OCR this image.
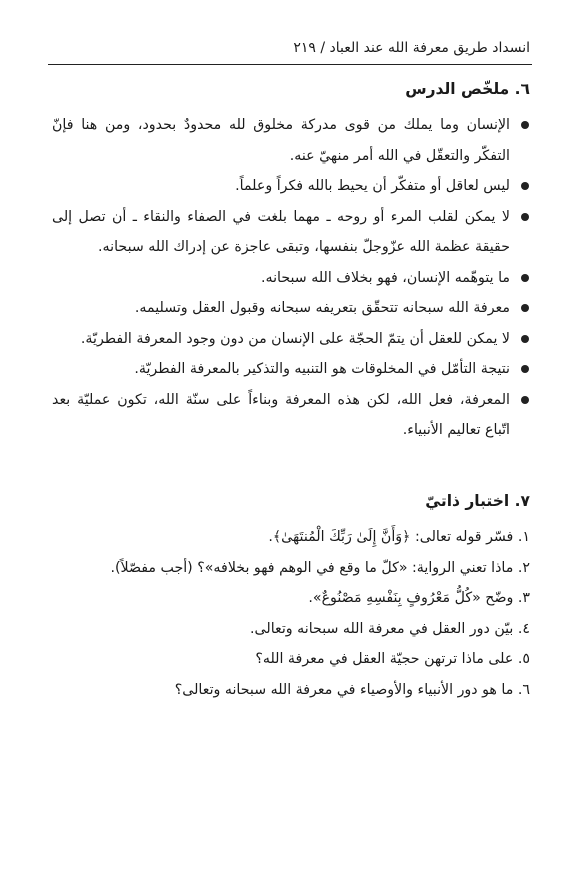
انسداد طريق معرفة الله عند العباد / ٢١٩
٦. ملخّص الدرس
الإنسان وما يملك من قوى مدركة مخلوق لله محدودٌ بحدود، ومن هنا فإنّ التفكّر والتعقّل في الله أمر منهيّ عنه.
ليس لعاقل أو متفكّر أن يحيط بالله فكراً وعلماً.
لا يمكن لقلب المرء أو روحه ـ مهما بلغت في الصفاء والنقاء ـ أن تصل إلى حقيقة عظمة الله عزّوجلّ بنفسها، وتبقى عاجزة عن إدراك الله سبحانه.
ما يتوهّمه الإنسان، فهو بخلاف الله سبحانه.
معرفة الله سبحانه تتحقّق بتعريفه سبحانه وقبول العقل وتسليمه.
لا يمكن للعقل أن يتمّ الحجّة على الإنسان من دون وجود المعرفة الفطريّة.
نتيجة التأمّل في المخلوقات هو التنبيه والتذكير بالمعرفة الفطريّة.
المعرفة، فعل الله، لكن هذه المعرفة وبناءاً على سنّة الله، تكون عمليّة بعد اتّباع تعاليم الأنبياء.
٧. اختبار ذاتيّ
١. فسّر قوله تعالى: ﴿وَأَنَّ إِلَىٰ رَبِّكَ الْمُنتَهَىٰ﴾.
٢. ماذا تعني الرواية: «كلّ ما وقع في الوهم فهو بخلافه»؟ (أجب مفصّلاً).
٣. وضّح «كُلُّ مَعْرُوفٍ بِنَفْسِهِ مَصْنُوعٌ».
٤. بيّن دور العقل في معرفة الله سبحانه وتعالى.
٥. على ماذا ترتهن حجيّة العقل في معرفة الله؟
٦. ما هو دور الأنبياء والأوصياء في معرفة الله سبحانه وتعالى؟
